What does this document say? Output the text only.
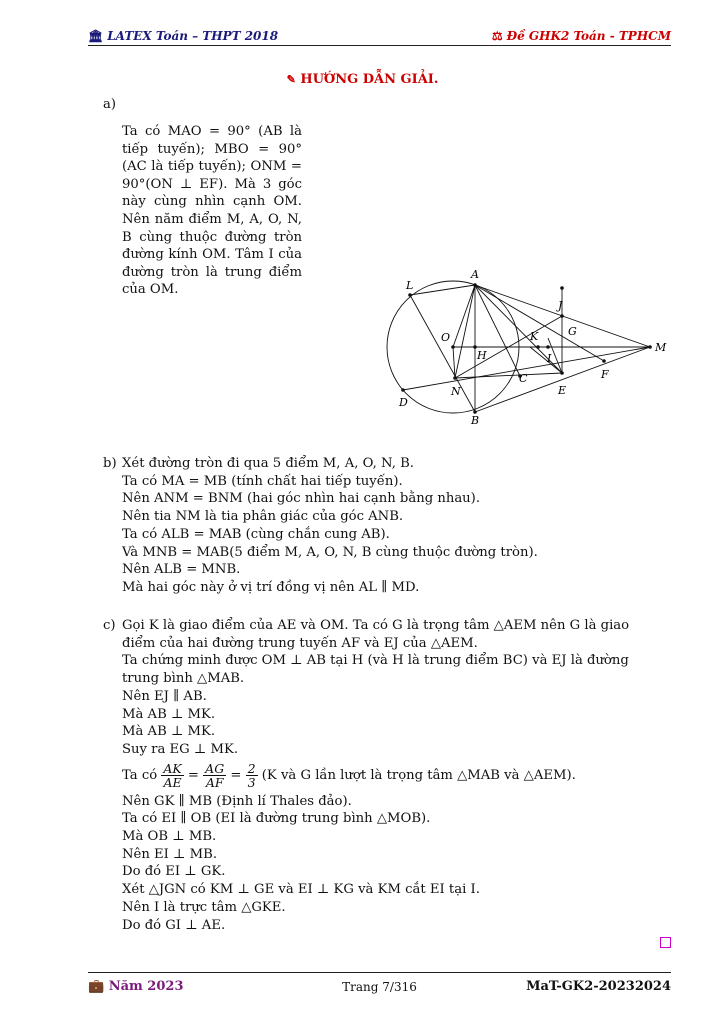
🏛 LATEX Toán – THPT 2018	⚖ Đề GHK2 Toán - TPHCM
✎ HƯỚNG DẪN GIẢI.
a)
Ta có MAO = 90° (AB là tiếp tuyến); MBO = 90° (AC là tiếp tuyến); ONM = 90°(ON ⊥ EF). Mà 3 góc này cùng nhìn cạnh OM. Nên năm điểm M, A, O, N, B cùng thuộc đường tròn đường kính OM. Tâm I của đường tròn là trung điểm của OM.
A
B
C
D
E
F
G
H	I
J
K
L
M
N
O
b) Xét đường tròn đi qua 5 điểm M, A, O, N, B.
Ta có MA = MB (tính chất hai tiếp tuyến).
Nên ANM = BNM (hai góc nhìn hai cạnh bằng nhau).
Nên tia NM là tia phân giác của góc ANB.
Ta có ALB = MAB (cùng chắn cung AB).
Và MNB = MAB(5 điểm M, A, O, N, B cùng thuộc đường tròn).
Nên ALB = MNB.
Mà hai góc này ở vị trí đồng vị nên AL ∥ MD.
c) Gọi K là giao điểm của AE và OM. Ta có G là trọng tâm △AEM nên G là giao
điểm của hai đường trung tuyến AF và EJ của △AEM.
Ta chứng minh được OM ⊥ AB tại H (và H là trung điểm BC) và EJ là đường
trung bình △MAB.
Nên EJ ∥ AB.
Mà AB ⊥ MK.
Mà AB ⊥ MK.
Suy ra EG ⊥ MK.
Ta có $\frac{AK}{AE} = \frac{AG}{AF} = \frac{2}{3} (K$ và G lần lượt là trọng tâm △MAB và △AEM).
Nên GK ∥ MB (Định lí Thales đảo).
Ta có EI ∥ OB (EI là đường trung bình △MOB).
Mà OB ⊥ MB.
Nên EI ⊥ MB.
Do đó EI ⊥ GK.
Xét △JGN có KM ⊥ GE và EI ⊥ KG và KM cắt EI tại I.
Nên I là trực tâm △GKE.
Do đó GI ⊥ AE.
💼 Năm 2023	Trang 7/316	MaT-GK2-20232024
